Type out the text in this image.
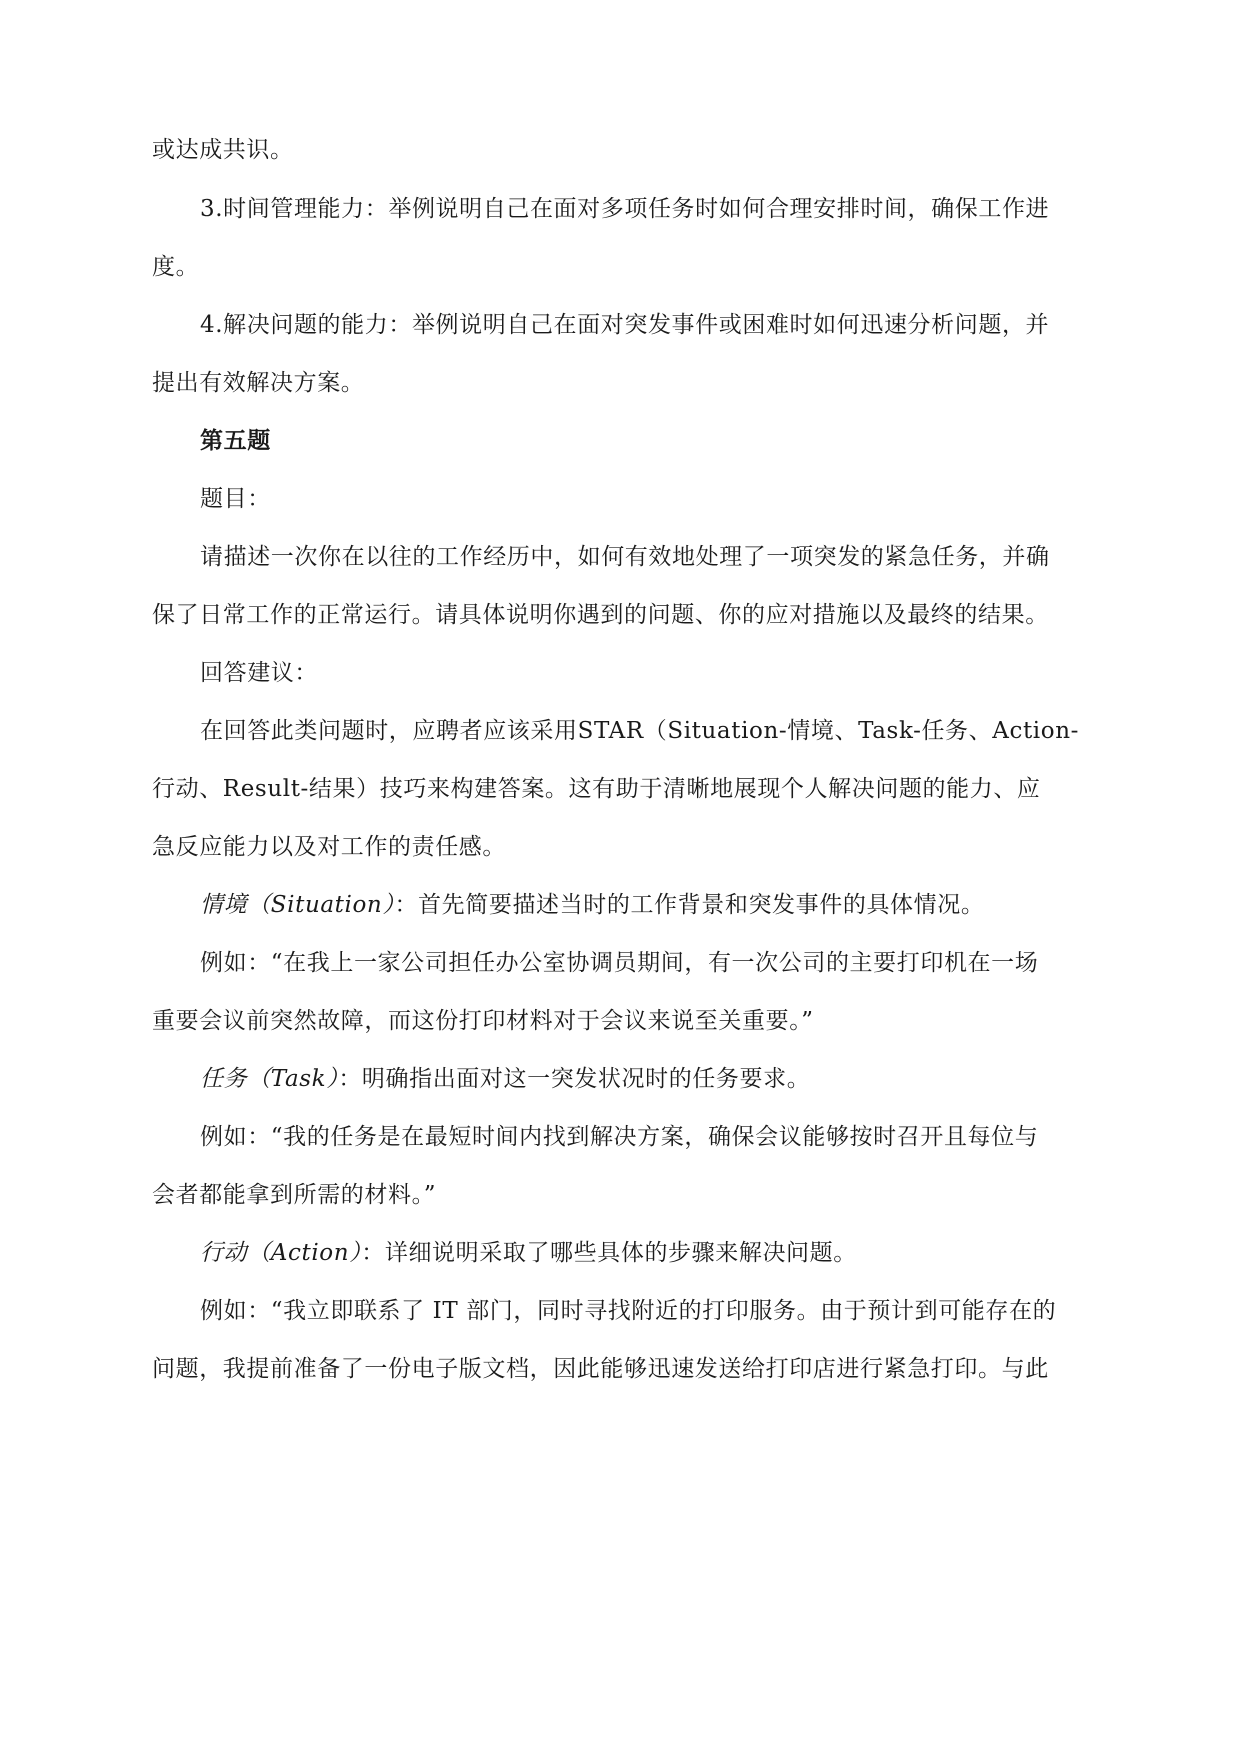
或达成共识。
3.时间管理能力：举例说明自己在面对多项任务时如何合理安排时间，确保工作进
度。
4.解决问题的能力：举例说明自己在面对突发事件或困难时如何迅速分析问题，并
提出有效解决方案。
第五题
题目：
请描述一次你在以往的工作经历中，如何有效地处理了一项突发的紧急任务，并确
保了日常工作的正常运行。请具体说明你遇到的问题、你的应对措施以及最终的结果。
回答建议：
在回答此类问题时，应聘者应该采用STAR（Situation-情境、Task-任务、Action-
行动、Result-结果）技巧来构建答案。这有助于清晰地展现个人解决问题的能力、应
急反应能力以及对工作的责任感。
情境（Situation）：首先简要描述当时的工作背景和突发事件的具体情况。
例如：“在我上一家公司担任办公室协调员期间，有一次公司的主要打印机在一场
重要会议前突然故障，而这份打印材料对于会议来说至关重要。”
任务（Task）：明确指出面对这一突发状况时的任务要求。
例如：“我的任务是在最短时间内找到解决方案，确保会议能够按时召开且每位与
会者都能拿到所需的材料。”
行动（Action）：详细说明采取了哪些具体的步骤来解决问题。
例如：“我立即联系了 IT 部门，同时寻找附近的打印服务。由于预计到可能存在的
问题，我提前准备了一份电子版文档，因此能够迅速发送给打印店进行紧急打印。与此
